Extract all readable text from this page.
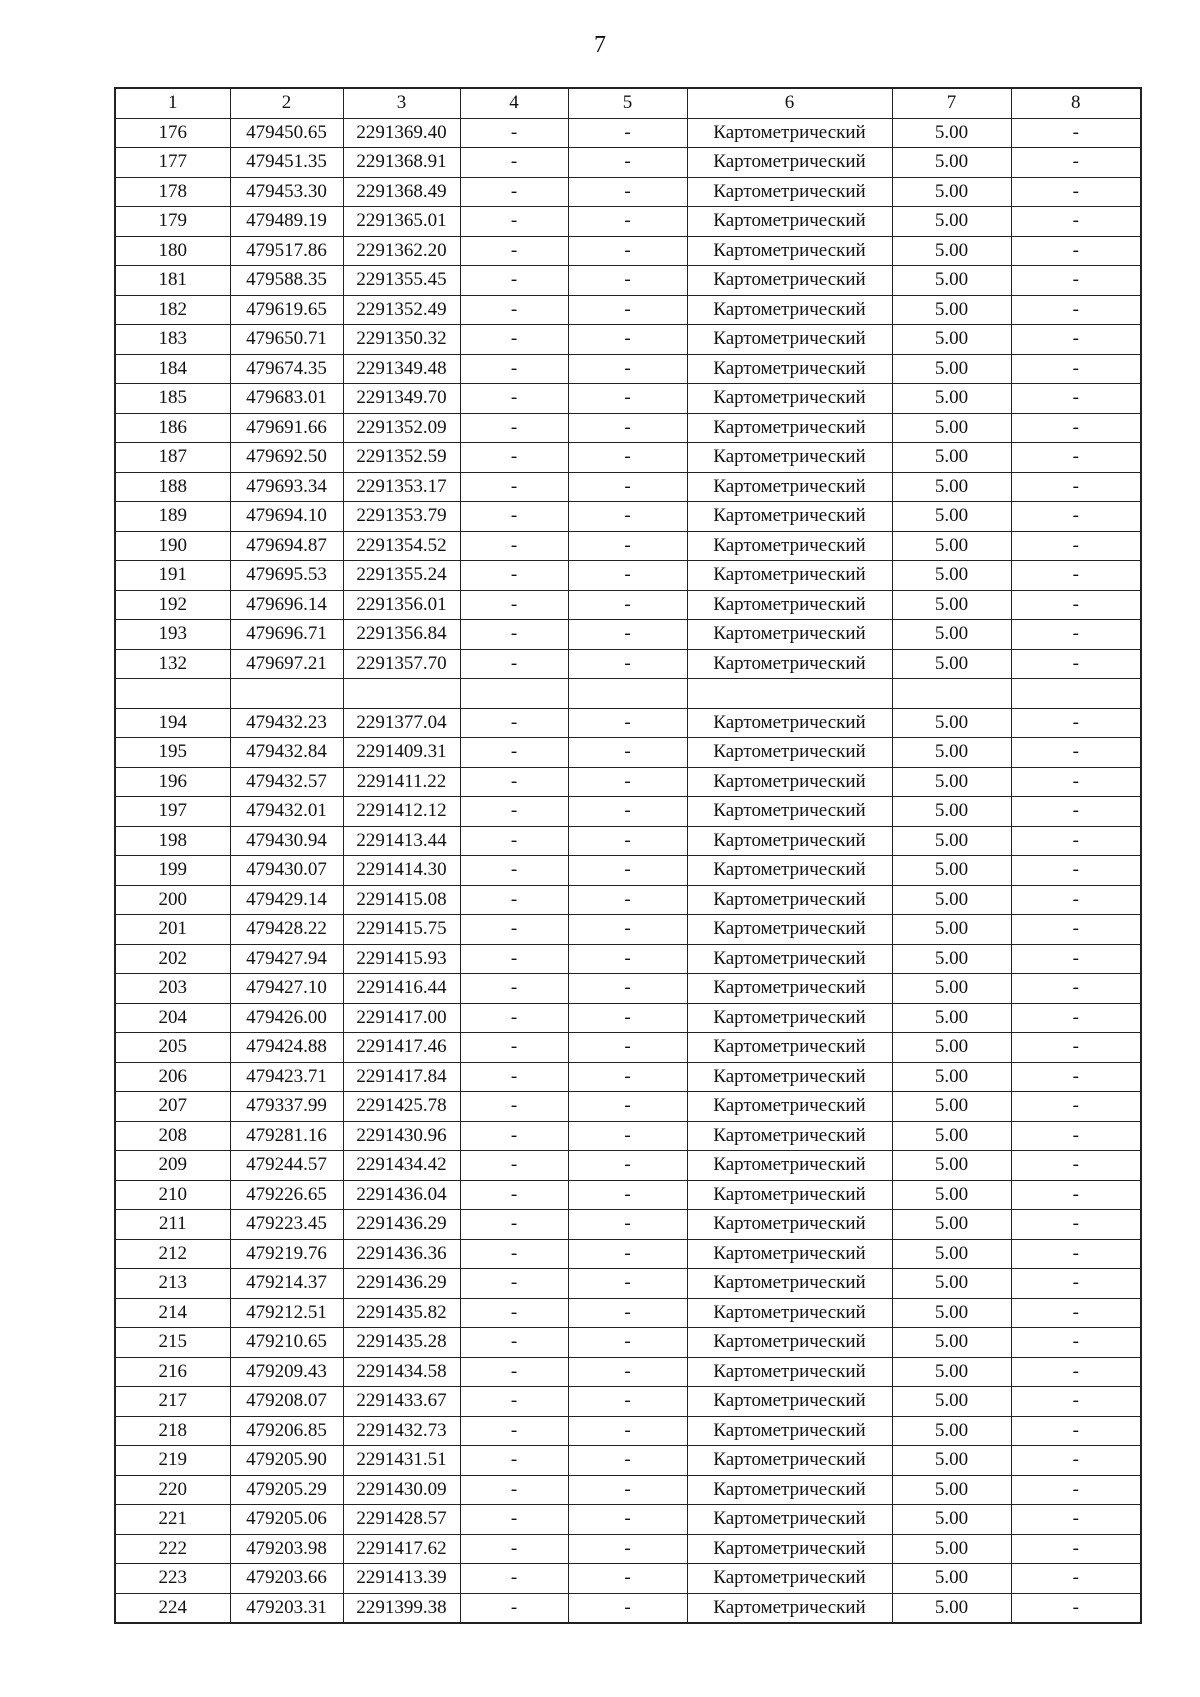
7
1	2	3	4	5	6	7	8
176	479450.65	2291369.40	-	-	Картометрический	5.00	-
177	479451.35	2291368.91	-	-	Картометрический	5.00	-
178	479453.30	2291368.49	-	-	Картометрический	5.00	-
179	479489.19	2291365.01	-	-	Картометрический	5.00	-
180	479517.86	2291362.20	-	-	Картометрический	5.00	-
181	479588.35	2291355.45	-	-	Картометрический	5.00	-
182	479619.65	2291352.49	-	-	Картометрический	5.00	-
183	479650.71	2291350.32	-	-	Картометрический	5.00	-
184	479674.35	2291349.48	-	-	Картометрический	5.00	-
185	479683.01	2291349.70	-	-	Картометрический	5.00	-
186	479691.66	2291352.09	-	-	Картометрический	5.00	-
187	479692.50	2291352.59	-	-	Картометрический	5.00	-
188	479693.34	2291353.17	-	-	Картометрический	5.00	-
189	479694.10	2291353.79	-	-	Картометрический	5.00	-
190	479694.87	2291354.52	-	-	Картометрический	5.00	-
191	479695.53	2291355.24	-	-	Картометрический	5.00	-
192	479696.14	2291356.01	-	-	Картометрический	5.00	-
193	479696.71	2291356.84	-	-	Картометрический	5.00	-
132	479697.21	2291357.70	-	-	Картометрический	5.00	-

194	479432.23	2291377.04	-	-	Картометрический	5.00	-
195	479432.84	2291409.31	-	-	Картометрический	5.00	-
196	479432.57	2291411.22	-	-	Картометрический	5.00	-
197	479432.01	2291412.12	-	-	Картометрический	5.00	-
198	479430.94	2291413.44	-	-	Картометрический	5.00	-
199	479430.07	2291414.30	-	-	Картометрический	5.00	-
200	479429.14	2291415.08	-	-	Картометрический	5.00	-
201	479428.22	2291415.75	-	-	Картометрический	5.00	-
202	479427.94	2291415.93	-	-	Картометрический	5.00	-
203	479427.10	2291416.44	-	-	Картометрический	5.00	-
204	479426.00	2291417.00	-	-	Картометрический	5.00	-
205	479424.88	2291417.46	-	-	Картометрический	5.00	-
206	479423.71	2291417.84	-	-	Картометрический	5.00	-
207	479337.99	2291425.78	-	-	Картометрический	5.00	-
208	479281.16	2291430.96	-	-	Картометрический	5.00	-
209	479244.57	2291434.42	-	-	Картометрический	5.00	-
210	479226.65	2291436.04	-	-	Картометрический	5.00	-
211	479223.45	2291436.29	-	-	Картометрический	5.00	-
212	479219.76	2291436.36	-	-	Картометрический	5.00	-
213	479214.37	2291436.29	-	-	Картометрический	5.00	-
214	479212.51	2291435.82	-	-	Картометрический	5.00	-
215	479210.65	2291435.28	-	-	Картометрический	5.00	-
216	479209.43	2291434.58	-	-	Картометрический	5.00	-
217	479208.07	2291433.67	-	-	Картометрический	5.00	-
218	479206.85	2291432.73	-	-	Картометрический	5.00	-
219	479205.90	2291431.51	-	-	Картометрический	5.00	-
220	479205.29	2291430.09	-	-	Картометрический	5.00	-
221	479205.06	2291428.57	-	-	Картометрический	5.00	-
222	479203.98	2291417.62	-	-	Картометрический	5.00	-
223	479203.66	2291413.39	-	-	Картометрический	5.00	-
224	479203.31	2291399.38	-	-	Картометрический	5.00	-
